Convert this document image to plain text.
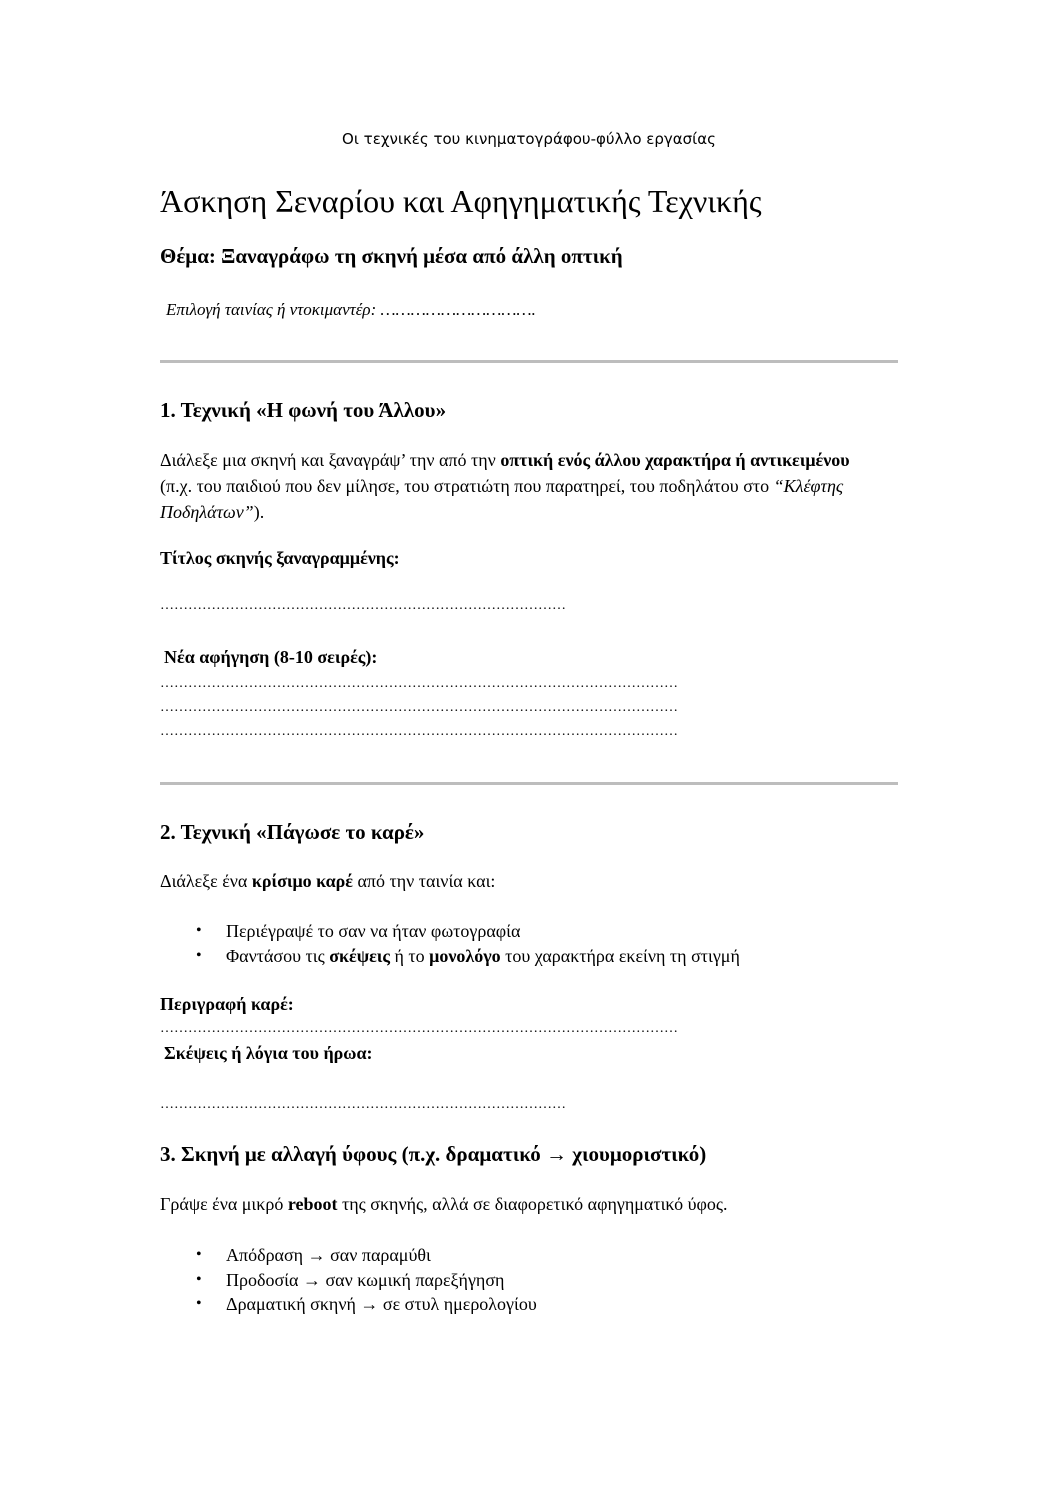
Οι τεχνικές του κινηματογράφου-φύλλο εργασίας
Άσκηση Σεναρίου και Αφηγηματικής Τεχνικής
Θέμα: Ξαναγράφω τη σκηνή μέσα από άλλη οπτική
Επιλογή ταινίας ή ντοκιμαντέρ: ………………………….
1. Τεχνική «Η φωνή του Άλλου»
Διάλεξε μια σκηνή και ξαναγράψ’ την από την οπτική ενός άλλου χαρακτήρα ή αντικειμένου (π.χ. του παιδιού που δεν μίλησε, του στρατιώτη που παρατηρεί, του ποδηλάτου στο “Κλέφτης Ποδηλάτων”).
Τίτλος σκηνής ξαναγραμμένης:
……………………………………………………………………………
Νέα αφήγηση (8-10 σειρές):
…………………………………………………………………………………………………
…………………………………………………………………………………………………
…………………………………………………………………………………………………
2. Τεχνική «Πάγωσε το καρέ»
Διάλεξε ένα κρίσιμο καρέ από την ταινία και:
• Περιέγραψέ το σαν να ήταν φωτογραφία
• Φαντάσου τις σκέψεις ή το μονολόγο του χαρακτήρα εκείνη τη στιγμή
Περιγραφή καρέ:
…………………………………………………………………………………………………
Σκέψεις ή λόγια του ήρωα:
……………………………………………………………………………
3. Σκηνή με αλλαγή ύφους (π.χ. δραματικό → χιουμοριστικό)
Γράψε ένα μικρό reboot της σκηνής, αλλά σε διαφορετικό αφηγηματικό ύφος.
• Απόδραση → σαν παραμύθι
• Προδοσία → σαν κωμική παρεξήγηση
• Δραματική σκηνή → σε στυλ ημερολογίου
